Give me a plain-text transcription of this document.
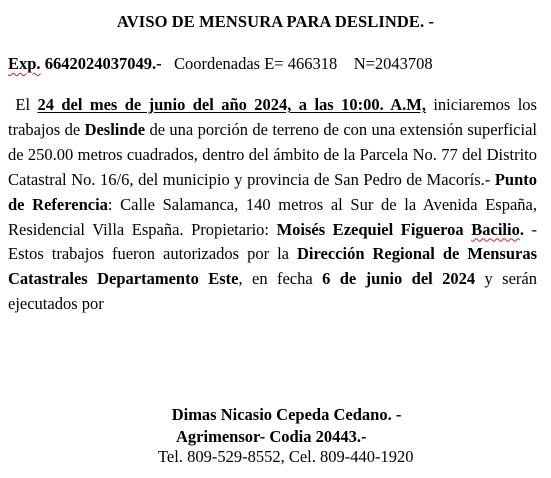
AVISO DE MENSURA PARA DESLINDE. -
Exp. 6642024037049.-   Coordenadas E= 466318    N=2043708
El 24 del mes de junio del año 2024, a las 10:00. A.M, iniciaremos los trabajos de Deslinde de una porción de terreno de con una extensión superficial de 250.00 metros cuadrados, dentro del ámbito de la Parcela No. 77 del Distrito Catastral No. 16/6, del municipio y provincia de San Pedro de Macorís.- Punto de Referencia: Calle Salamanca, 140 metros al Sur de la Avenida España, Residencial Villa España. Propietario: Moisés Ezequiel Figueroa Bacilio. - Estos trabajos fueron autorizados por la Dirección Regional de Mensuras Catastrales Departamento Este, en fecha 6 de junio del 2024 y serán ejecutados por
Dimas Nicasio Cepeda Cedano. -
Agrimensor- Codia 20443.-
Tel. 809-529-8552, Cel. 809-440-1920
